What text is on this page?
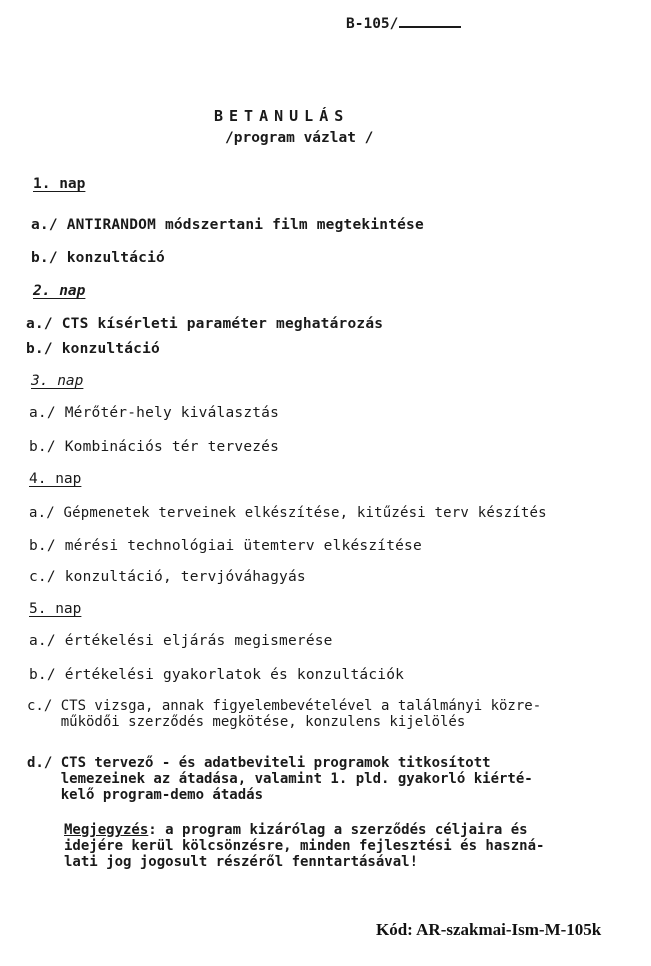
B-105/
BETANULÁS
/program vázlat /
1. nap
a./ ANTIRANDOM módszertani film megtekintése
b./ konzultáció
2. nap
a./ CTS kísérleti paraméter meghatározás
b./ konzultáció
3. nap
a./ Mérőtér-hely kiválasztás
b./ Kombinációs tér tervezés
4. nap
a./ Gépmenetek terveinek elkészítése, kitűzési terv készítés
b./ mérési technológiai ütemterv elkészítése
c./ konzultáció, tervjóváhagyás
5. nap
a./ értékelési eljárás megismerése
b./ értékelési gyakorlatok és konzultációk
c./ CTS vizsga, annak figyelembevételével a találmányi közre-
működői szerződés megkötése, konzulens kijelölés
d./ CTS tervező - és adatbeviteli programok titkosított
lemezeinek az átadása, valamint 1. pld. gyakorló kiérté-
kelő program-demo átadás
Megjegyzés: a program kizárólag a szerződés céljaira és
idejére kerül kölcsönzésre, minden fejlesztési és haszná-
lati jog jogosult részéről fenntartásával!
Kód: AR-szakmai-Ism-M-105k
